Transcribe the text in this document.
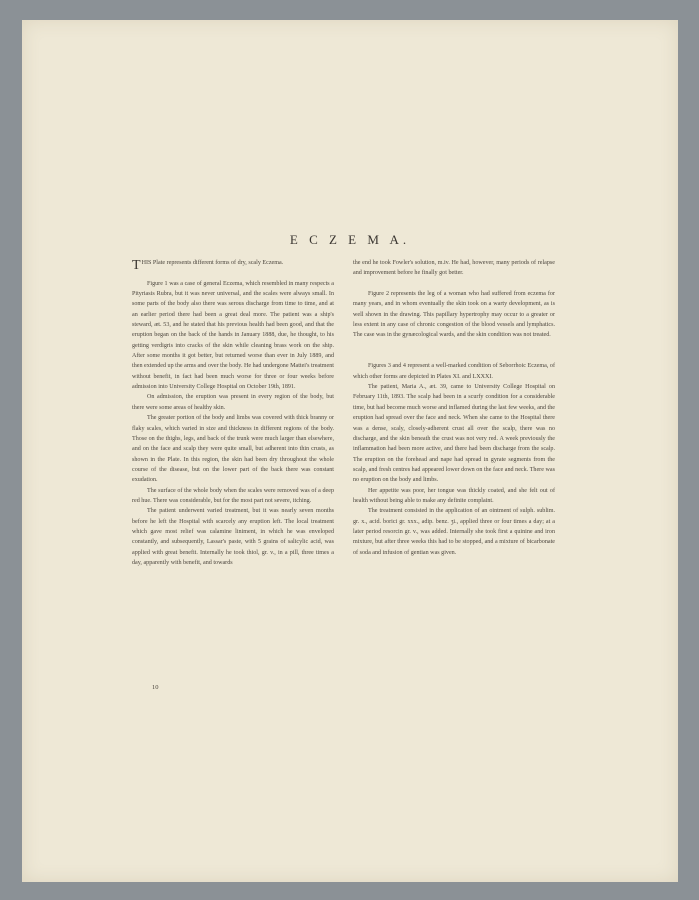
E C Z E M A.

THIS Plate represents different forms of dry, scaly Eczema.

Figure 1 was a case of general Eczema, which resembled in many respects a Pityriasis Rubra, but it was never universal, and the scales were always small. In some parts of the body also there was serous discharge from time to time, and at an earlier period there had been a great deal more. The patient was a ship's steward, æt. 53, and he stated that his previous health had been good, and that the eruption began on the back of the hands in January 1888, due, he thought, to his getting verdigris into cracks of the skin while cleaning brass work on the ship. After some months it got better, but returned worse than ever in July 1889, and then extended up the arms and over the body. He had undergone Mattei's treatment without benefit, in fact had been much worse for three or four weeks before admission into University College Hospital on October 19th, 1891.

On admission, the eruption was present in every region of the body, but there were some areas of healthy skin.

The greater portion of the body and limbs was covered with thick branny or flaky scales, which varied in size and thickness in different regions of the body. Those on the thighs, legs, and back of the trunk were much larger than elsewhere, and on the face and scalp they were quite small, but adherent into thin crusts, as shown in the Plate. In this region, the skin had been dry throughout the whole course of the disease, but on the lower part of the back there was constant exudation.

The surface of the whole body when the scales were removed was of a deep red hue. There was considerable, but for the most part not severe, itching.

The patient underwent varied treatment, but it was nearly seven months before he left the Hospital with scarcely any eruption left. The local treatment which gave most relief was calamine liniment, in which he was enveloped constantly, and subsequently, Lassar's paste, with 5 grains of salicylic acid, was applied with great benefit. Internally he took thiol, gr. v., in a pill, three times a day, apparently with benefit, and towards

the end he took Fowler's solution, m.iv. He had, however, many periods of relapse and improvement before he finally got better.

Figure 2 represents the leg of a woman who had suffered from eczema for many years, and in whom eventually the skin took on a warty development, as is well shown in the drawing. This papillary hypertrophy may occur to a greater or less extent in any case of chronic congestion of the blood vessels and lymphatics. The case was in the gynæcological wards, and the skin condition was not treated.

Figures 3 and 4 represent a well-marked condition of Seborrhoic Eczema, of which other forms are depicted in Plates XI. and LXXXI.

The patient, Maria A., æt. 39, came to University College Hospital on February 11th, 1893. The scalp had been in a scurfy condition for a considerable time, but had become much worse and inflamed during the last few weeks, and the eruption had spread over the face and neck. When she came to the Hospital there was a dense, scaly, closely-adherent crust all over the scalp, there was no discharge, and the skin beneath the crust was not very red. A week previously the inflammation had been more active, and there had been discharge from the scalp. The eruption on the forehead and nape had spread in gyrate segments from the scalp, and fresh centres had appeared lower down on the face and neck. There was no eruption on the body and limbs.

Her appetite was poor, her tongue was thickly coated, and she felt out of health without being able to make any definite complaint.

The treatment consisted in the application of an ointment of sulph. sublim. gr. x., acid. borici gr. xxx., adip. benz. ʒi., applied three or four times a day; at a later period resorcin gr. v., was added. Internally she took first a quinine and iron mixture, but after three weeks this had to be stopped, and a mixture of bicarbonate of soda and infusion of gentian was given.

10
